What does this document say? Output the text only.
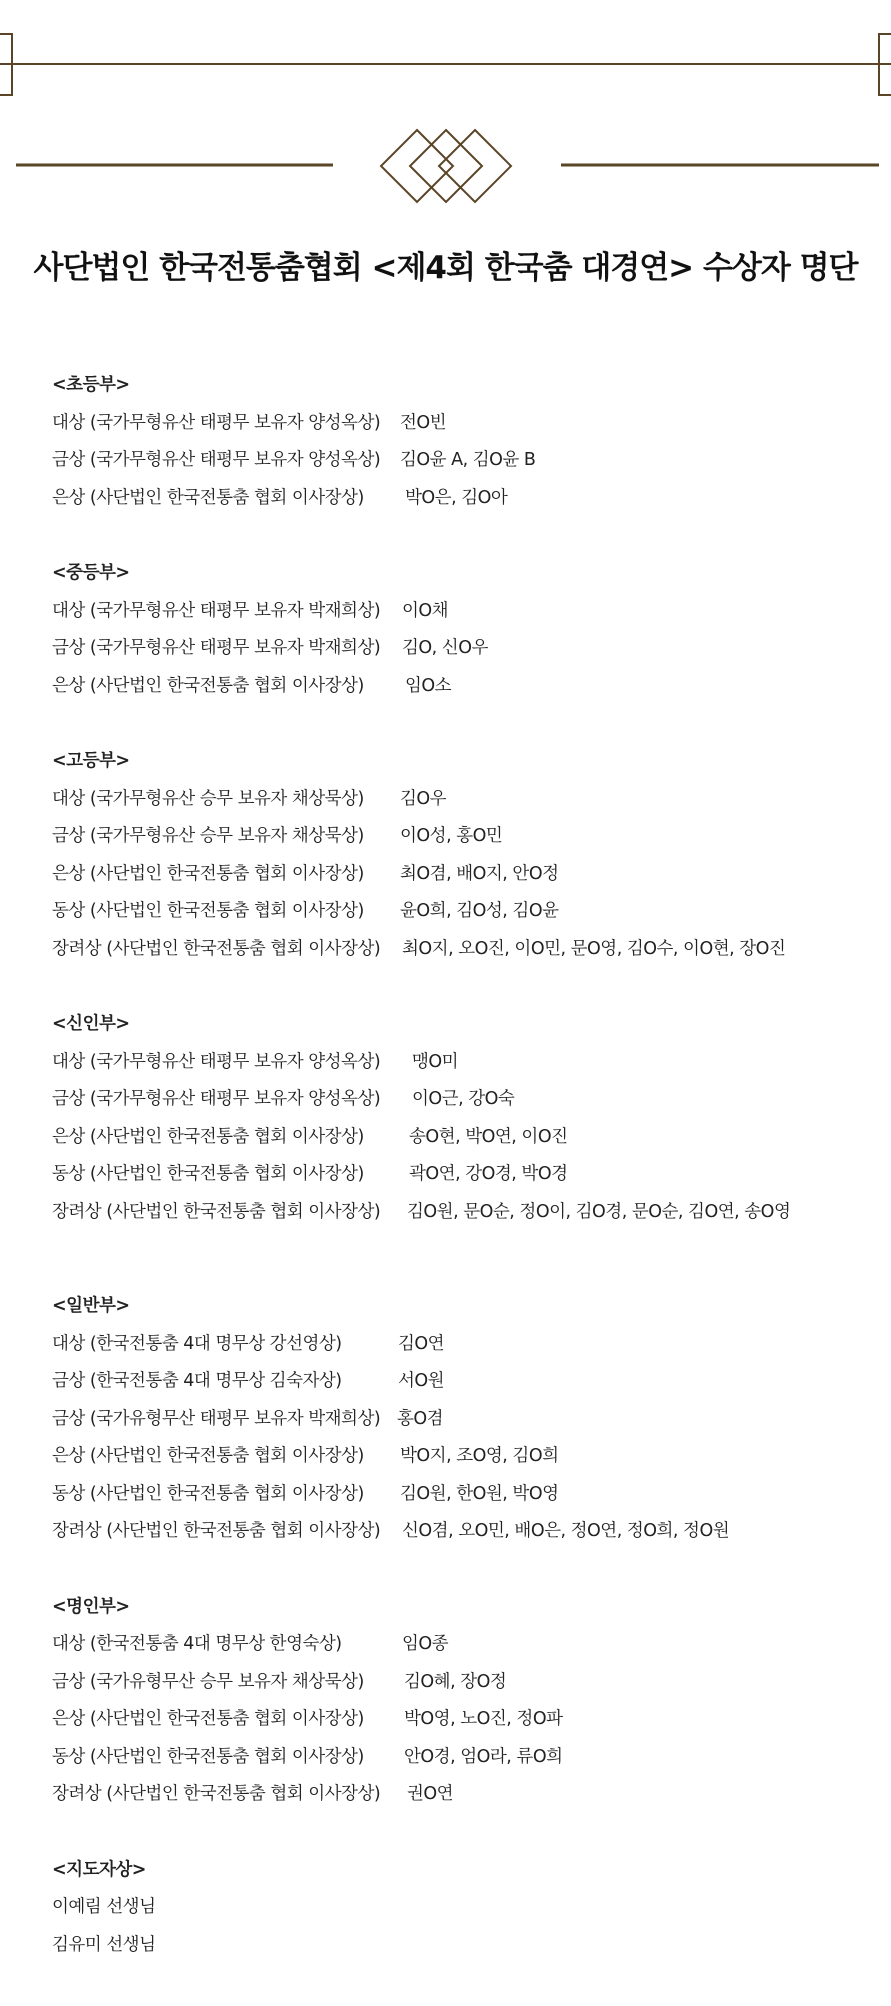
사단법인 한국전통춤협회 <제4회 한국춤 대경연> 수상자 명단
<초등부>
대상 (국가무형유산 태평무 보유자 양성옥상) 전O빈
금상 (국가무형유산 태평무 보유자 양성옥상) 김O윤 A, 김O윤 B
은상 (사단법인 한국전통춤 협회 이사장상) 박O은, 김O아
<중등부>
대상 (국가무형유산 태평무 보유자 박재희상) 이O채
금상 (국가무형유산 태평무 보유자 박재희상) 김O, 신O우
은상 (사단법인 한국전통춤 협회 이사장상) 임O소
<고등부>
대상 (국가무형유산 승무 보유자 채상묵상) 김O우
금상 (국가무형유산 승무 보유자 채상묵상) 이O성, 홍O민
은상 (사단법인 한국전통춤 협회 이사장상) 최O겸, 배O지, 안O정
동상 (사단법인 한국전통춤 협회 이사장상) 윤O희, 김O성, 김O윤
장려상 (사단법인 한국전통춤 협회 이사장상) 최O지, 오O진, 이O민, 문O영, 김O수, 이O현, 장O진
<신인부>
대상 (국가무형유산 태평무 보유자 양성옥상) 맹O미
금상 (국가무형유산 태평무 보유자 양성옥상) 이O근, 강O숙
은상 (사단법인 한국전통춤 협회 이사장상)	송O현, 박O연, 이O진
동상 (사단법인 한국전통춤 협회 이사장상)	곽O연, 강O경, 박O경
장려상 (사단법인 한국전통춤 협회 이사장상) 김O원, 문O순, 정O이, 김O경, 문O순, 김O연, 송O영
<일반부>
대상 (한국전통춤 4대 명무상 강선영상)	김O연
금상 (한국전통춤 4대 명무상 김숙자상)	서O원
금상 (국가유형무산 태평무 보유자 박재희상) 홍O겸
은상 (사단법인 한국전통춤 협회 이사장상) 박O지, 조O영, 김O희
동상 (사단법인 한국전통춤 협회 이사장상) 김O원, 한O원, 박O영
장려상 (사단법인 한국전통춤 협회 이사장상) 신O겸, 오O민, 배O은, 정O연, 정O희, 정O원
<명인부>
대상 (한국전통춤 4대 명무상 한영숙상)	임O종
금상 (국가유형무산 승무 보유자 채상묵상) 김O혜, 장O정
은상 (사단법인 한국전통춤 협회 이사장상) 박O영, 노O진, 정O파
동상 (사단법인 한국전통춤 협회 이사장상) 안O경, 엄O라, 류O희
장려상 (사단법인 한국전통춤 협회 이사장상) 권O연
<지도자상>
이예림 선생님
김유미 선생님
